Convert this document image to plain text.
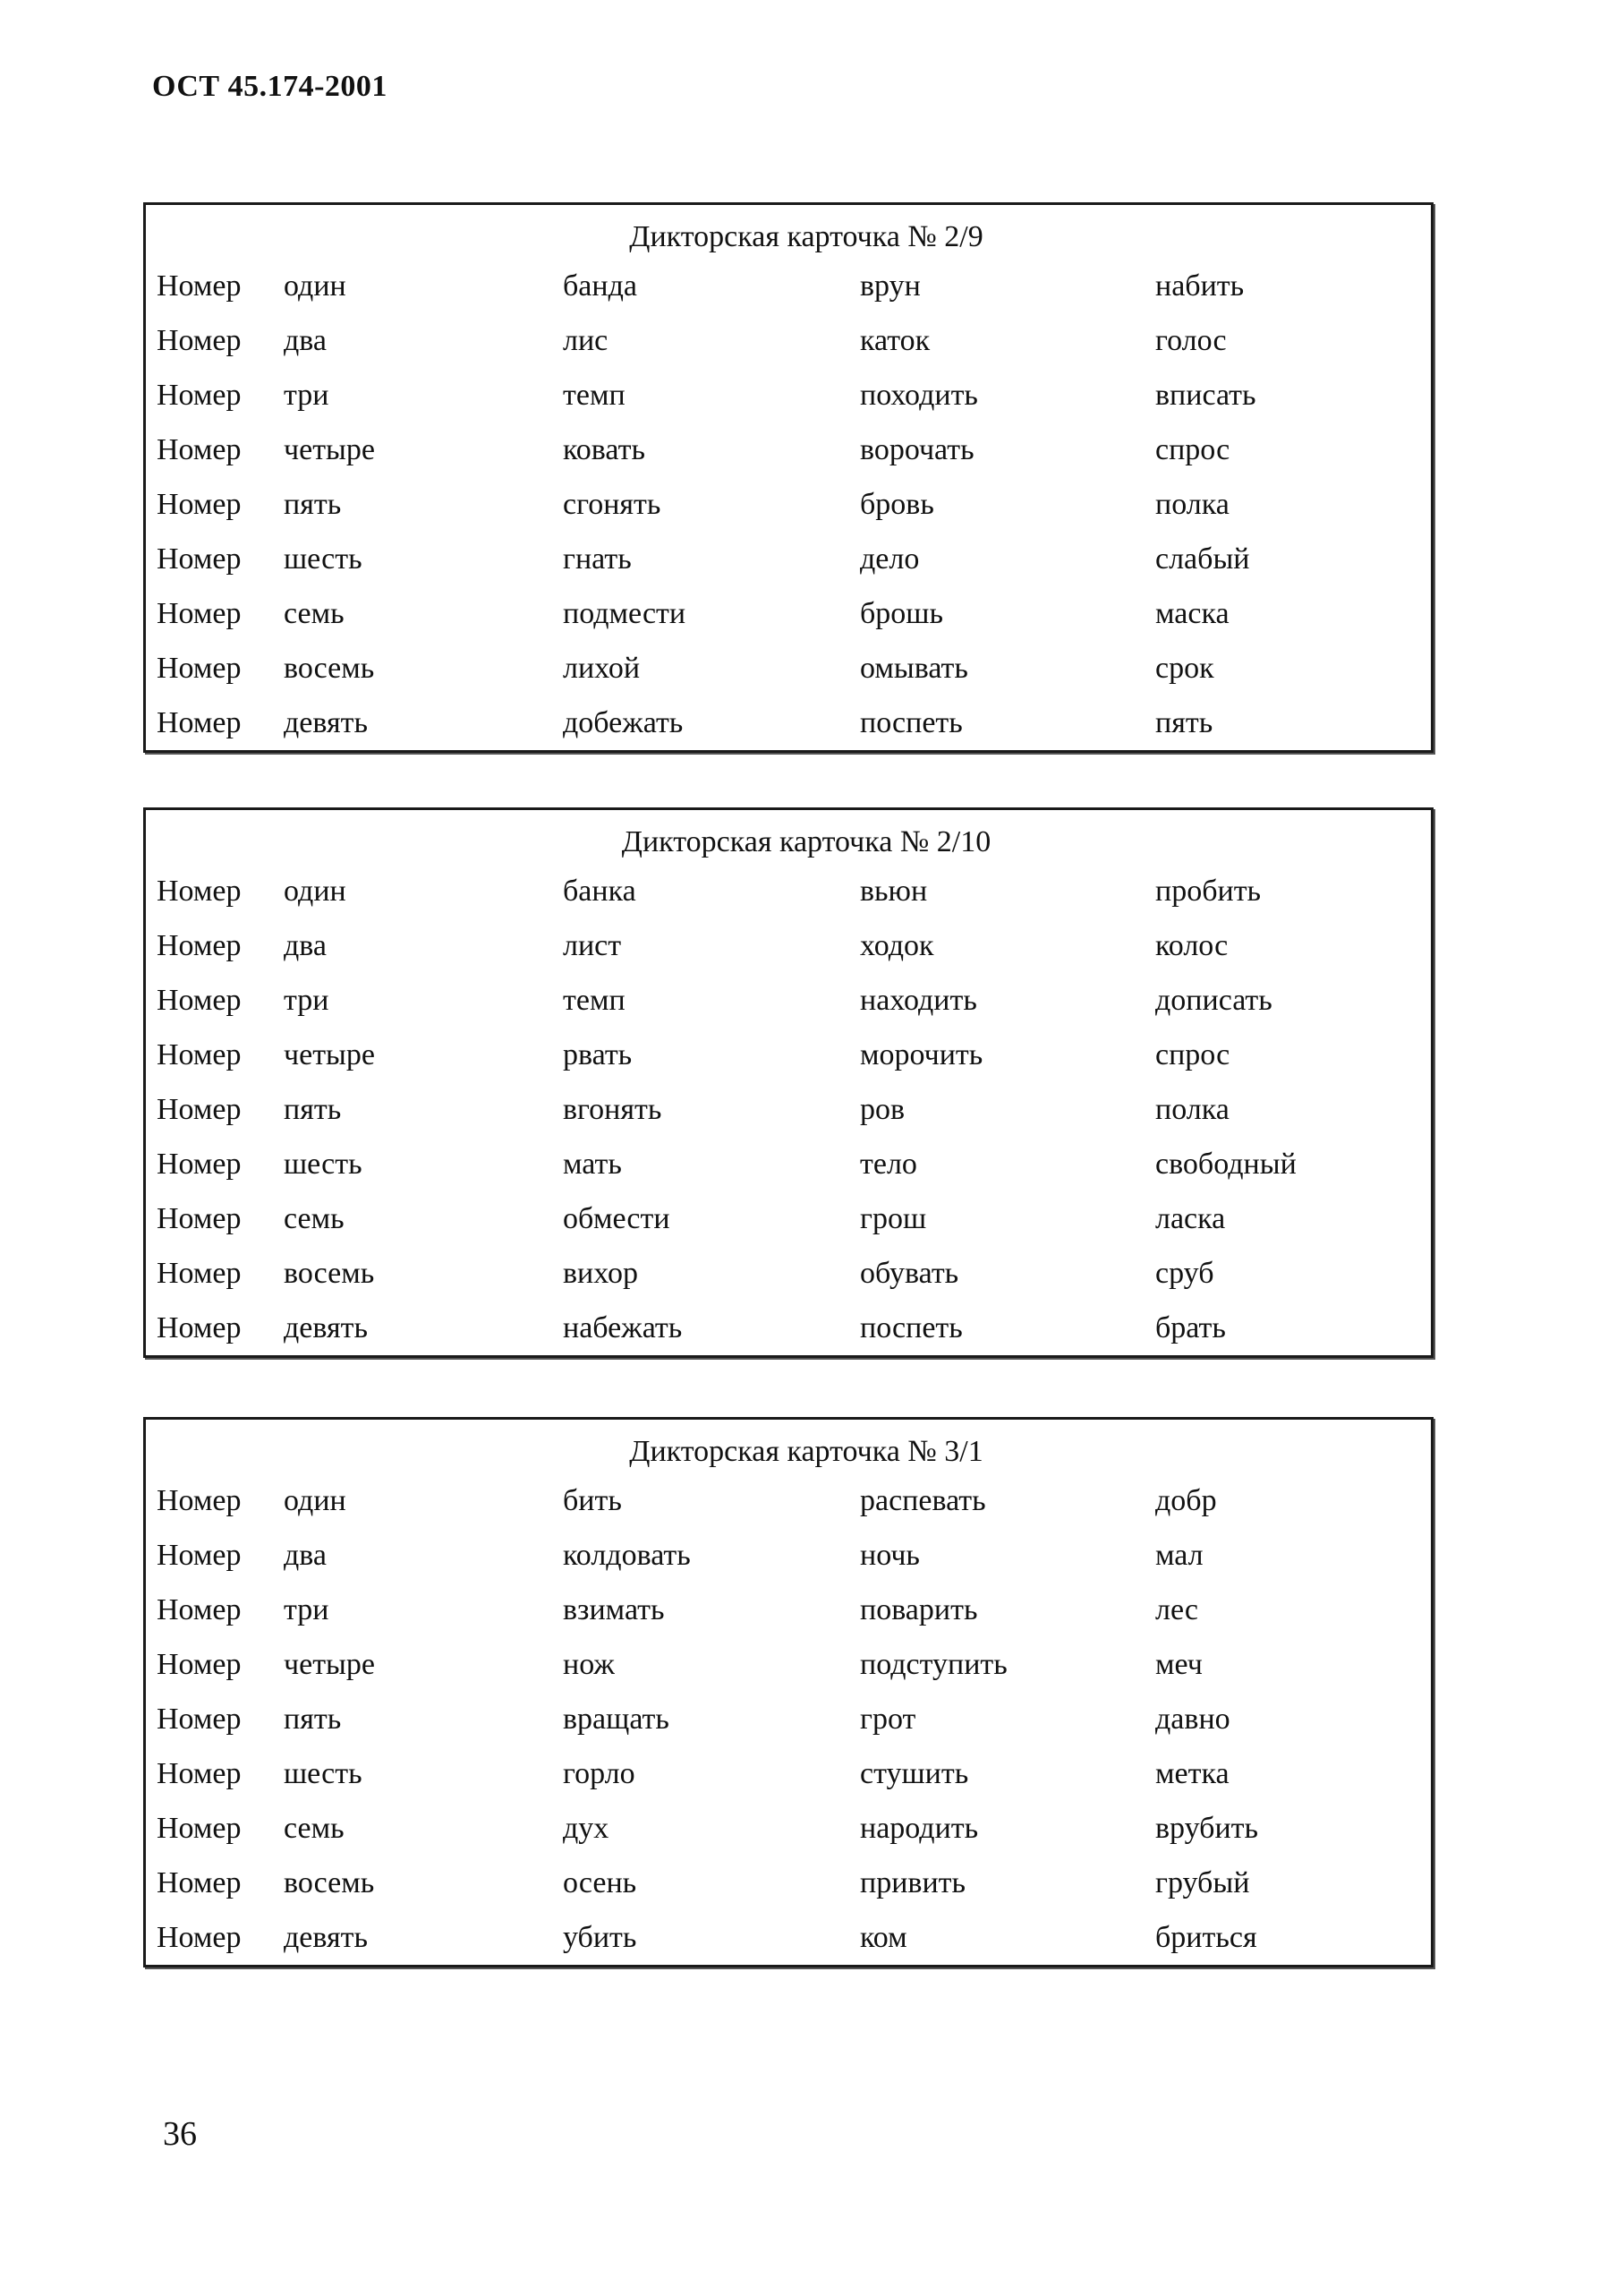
ОСТ 45.174-2001
Дикторская карточка № 2/9
Номер	один	банда	врун	набить
Номер	два	лис	каток	голос
Номер	три	темп	походить	вписать
Номер	четыре	ковать	ворочать	спрос
Номер	пять	сгонять	бровь	полка
Номер	шесть	гнать	дело	слабый
Номер	семь	подмести	брошь	маска
Номер	восемь	лихой	омывать	срок
Номер	девять	добежать	поспеть	пять
Дикторская карточка № 2/10
Номер	один	банка	вьюн	пробить
Номер	два	лист	ходок	колос
Номер	три	темп	находить	дописать
Номер	четыре	рвать	морочить	спрос
Номер	пять	вгонять	ров	полка
Номер	шесть	мать	тело	свободный
Номер	семь	обмести	грош	ласка
Номер	восемь	вихор	обувать	сруб
Номер	девять	набежать	поспеть	брать
Дикторская карточка № 3/1
Номер	один	бить	распевать	добр
Номер	два	колдовать	ночь	мал
Номер	три	взимать	поварить	лес
Номер	четыре	нож	подступить	меч
Номер	пять	вращать	грот	давно
Номер	шесть	горло	стушить	метка
Номер	семь	дух	народить	врубить
Номер	восемь	осень	привить	грубый
Номер	девять	убить	ком	бриться
36
